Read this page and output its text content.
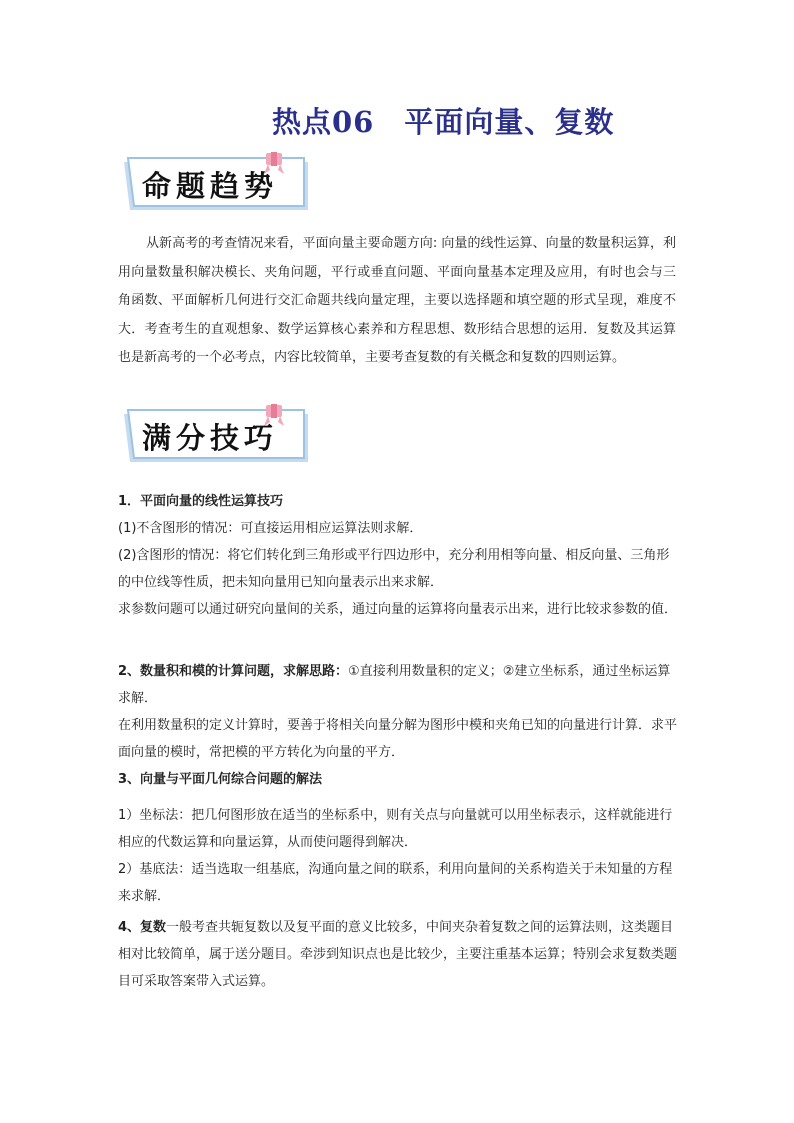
热点06　平面向量、复数
命题趋势

从新高考的考查情况来看，平面向量主要命题方向: 向量的线性运算、向量的数量积运算，利用向量数量积解决模长、夹角问题，平行或垂直问题、平面向量基本定理及应用，有时也会与三角函数、平面解析几何进行交汇命题共线向量定理，主要以选择题和填空题的形式呈现，难度不大．考查考生的直观想象、数学运算核心素养和方程思想、数形结合思想的运用．复数及其运算也是新高考的一个必考点，内容比较简单，主要考查复数的有关概念和复数的四则运算。

满分技巧
1．平面向量的线性运算技巧
(1)不含图形的情况：可直接运用相应运算法则求解．
(2)含图形的情况：将它们转化到三角形或平行四边形中，充分利用相等向量、相反向量、三角形的中位线等性质，把未知向量用已知向量表示出来求解．
求参数问题可以通过研究向量间的关系，通过向量的运算将向量表示出来，进行比较求参数的值．
2、数量积和模的计算问题，求解思路：①直接利用数量积的定义；②建立坐标系，通过坐标运算求解．
在利用数量积的定义计算时，要善于将相关向量分解为图形中模和夹角已知的向量进行计算．求平面向量的模时，常把模的平方转化为向量的平方．
3、向量与平面几何综合问题的解法
1）坐标法：把几何图形放在适当的坐标系中，则有关点与向量就可以用坐标表示，这样就能进行相应的代数运算和向量运算，从而使问题得到解决．
2）基底法：适当选取一组基底，沟通向量之间的联系，利用向量间的关系构造关于未知量的方程来求解．
4、复数一般考查共轭复数以及复平面的意义比较多，中间夹杂着复数之间的运算法则，这类题目相对比较简单，属于送分题目。牵涉到知识点也是比较少，主要注重基本运算；特别会求复数类题目可采取答案带入式运算。
